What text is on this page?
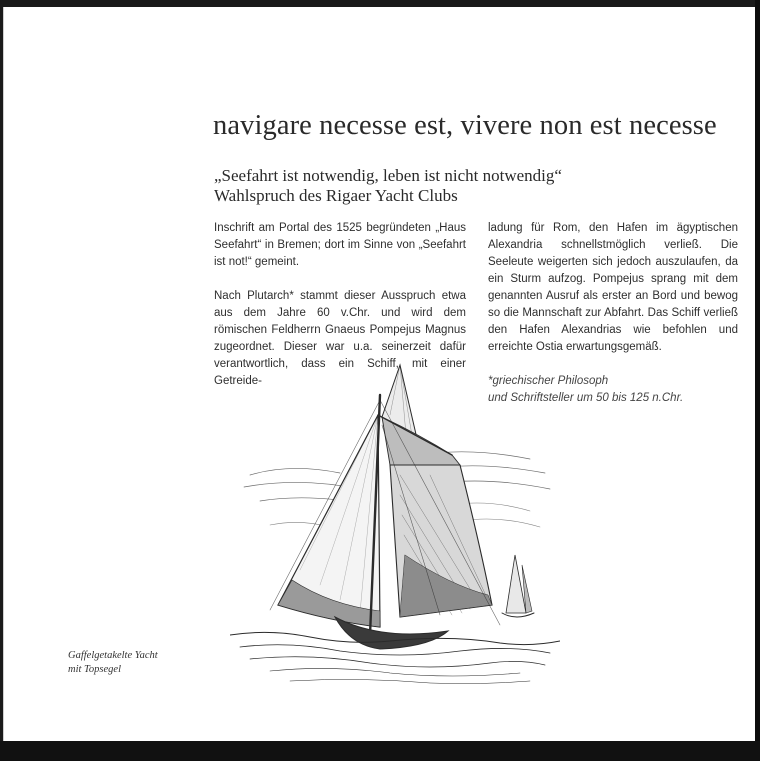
navigare necesse est, vivere non est necesse
„Seefahrt ist notwendig, leben ist nicht notwendig“
Wahlspruch des Rigaer Yacht Clubs

Inschrift am Portal des 1525 begründeten „Haus Seefahrt“ in Bremen; dort im Sinne von „Seefahrt ist not!“ gemeint.

Nach Plutarch* stammt dieser Ausspruch etwa aus dem Jahre 60 v.Chr. und wird dem römischen Feldherrn Gnaeus Pompejus Magnus zugeordnet. Dieser war u.a. seinerzeit dafür verantwortlich, dass ein Schiff, mit einer Getreide-

ladung für Rom, den Hafen im ägyptischen Alexandria schnellstmöglich verließ. Die Seeleute weigerten sich jedoch auszulaufen, da ein Sturm aufzog. Pompejus sprang mit dem genannten Ausruf als erster an Bord und bewog so die Mannschaft zur Abfahrt. Das Schiff verließ den Hafen Alexandrias wie befohlen und erreichte Ostia erwartungsgemäß.

*griechischer Philosoph
und Schriftsteller um 50 bis 125 n.Chr.
Gaffelgetakelte Yacht
mit Topsegel
